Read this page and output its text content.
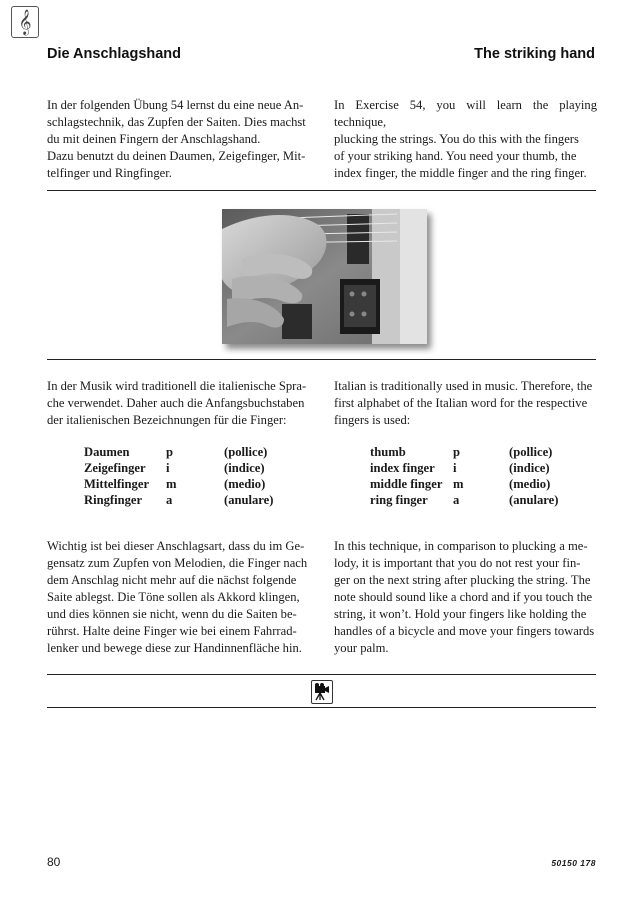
𝄞
Die Anschlagshand	The striking hand
In der folgenden Übung 54 lernst du eine neue An-
schlagstechnik, das Zupfen der Saiten. Dies machst
du mit deinen Fingern der Anschlagshand.
Dazu benutzt du deinen Daumen, Zeigefinger, Mit-
telfinger und Ringfinger.
In Exercise 54, you will learn the playing technique,
plucking the strings. You do this with the fingers
of your striking hand. You need your thumb, the
index finger, the middle finger and the ring finger.
In der Musik wird traditionell die italienische Spra-
che verwendet. Daher auch die Anfangsbuchstaben
der italienischen Bezeichnungen für die Finger:
Italian is traditionally used in music. Therefore, the
first alphabet of the Italian word for the respective
fingers is used:
Daumen	p	(pollice)
Zeigefinger	i	(indice)
Mittelfinger	m	(medio)
Ringfinger	a	(anulare)
thumb	p	(pollice)
index finger	i	(indice)
middle finger	m	(medio)
ring finger	a	(anulare)
Wichtig ist bei dieser Anschlagsart, dass du im Ge-
gensatz zum Zupfen von Melodien, die Finger nach
dem Anschlag nicht mehr auf die nächst folgende
Saite ablegst. Die Töne sollen als Akkord klingen,
und dies können sie nicht, wenn du die Saiten be-
rührst. Halte deine Finger wie bei einem Fahrrad-
lenker und bewege diese zur Handinnenfläche hin.
In this technique, in comparison to plucking a me-
lody, it is important that you do not rest your fin-
ger on the next string after plucking the string. The
note should sound like a chord and if you touch the
string, it won’t. Hold your fingers like holding the
handles of a bicycle and move your fingers towards
your palm.
80	50150 178
